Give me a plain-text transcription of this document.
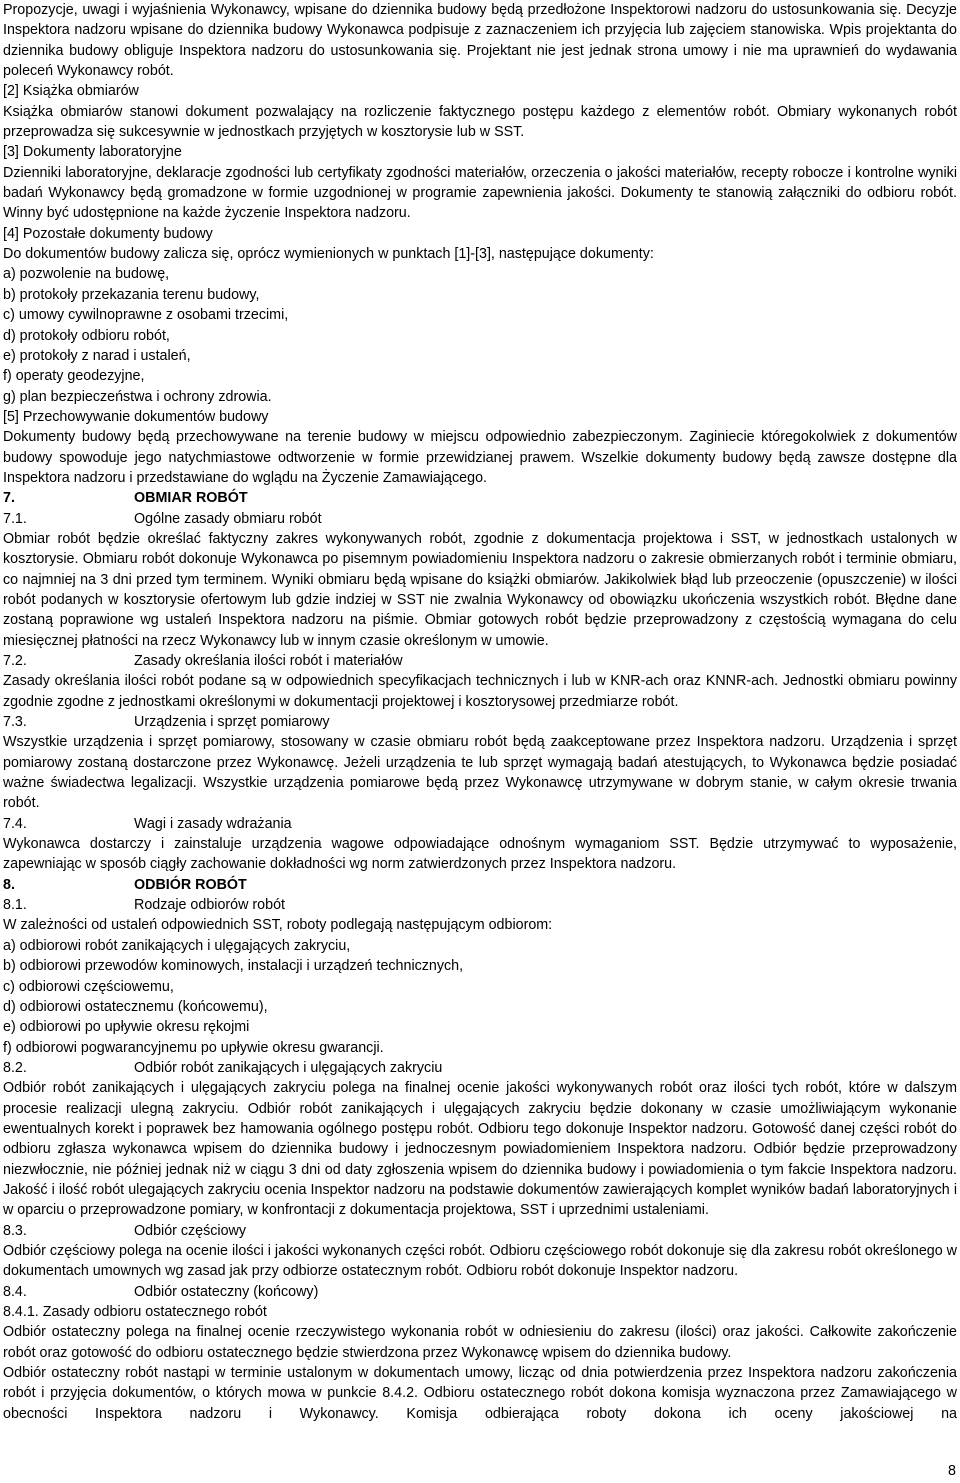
Propozycje, uwagi i wyjaśnienia Wykonawcy, wpisane do dziennika budowy będą przedłożone Inspektorowi nadzoru do ustosunkowania się. Decyzje Inspektora nadzoru wpisane do dziennika budowy Wykonawca podpisuje z zaznaczeniem ich przyjęcia lub zajęciem stanowiska. Wpis projektanta do dziennika budowy obliguje Inspektora nadzoru do ustosunkowania się. Projektant nie jest jednak strona umowy i nie ma uprawnień do wydawania poleceń Wykonawcy robót.

[2] Książka obmiarów

Książka obmiarów stanowi dokument pozwalający na rozliczenie faktycznego postępu każdego z elementów robót. Obmiary wykonanych robót przeprowadza się sukcesywnie w jednostkach przyjętych w kosztorysie lub w SST.

[3] Dokumenty laboratoryjne

Dzienniki laboratoryjne, deklaracje zgodności lub certyfikaty zgodności materiałów, orzeczenia o jakości materiałów, recepty robocze i kontrolne wyniki badań Wykonawcy będą gromadzone w formie uzgodnionej w programie zapewnienia jakości. Dokumenty te stanowią załączniki do odbioru robót. Winny być udostępnione na każde życzenie Inspektora nadzoru.

[4] Pozostałe dokumenty budowy

Do dokumentów budowy zalicza się, oprócz wymienionych w punktach [1]-[3], następujące dokumenty:

a) pozwolenie na budowę,

b) protokoły przekazania terenu budowy,

c) umowy cywilnoprawne z osobami trzecimi,

d) protokoły odbioru robót,

e) protokoły z narad i ustaleń,

f) operaty geodezyjne,

g) plan bezpieczeństwa i ochrony zdrowia.

[5] Przechowywanie dokumentów budowy

Dokumenty budowy będą przechowywane na terenie budowy w miejscu odpowiednio zabezpieczonym. Zaginiecie któregokolwiek z dokumentów budowy spowoduje jego natychmiastowe odtworzenie w formie przewidzianej prawem. Wszelkie dokumenty budowy będą zawsze dostępne dla Inspektora nadzoru i przedstawiane do wglądu na Życzenie Zamawiającego.

7.	OBMIAR ROBÓT

7.1.	Ogólne zasady obmiaru robót

Obmiar robót będzie określać faktyczny zakres wykonywanych robót, zgodnie z dokumentacja projektowa i SST, w jednostkach ustalonych w kosztorysie. Obmiaru robót dokonuje Wykonawca po pisemnym powiadomieniu Inspektora nadzoru o zakresie obmierzanych robót i terminie obmiaru, co najmniej na 3 dni przed tym terminem. Wyniki obmiaru będą wpisane do książki obmiarów. Jakikolwiek błąd lub przeoczenie (opuszczenie) w ilości robót podanych w kosztorysie ofertowym lub gdzie indziej w SST nie zwalnia Wykonawcy od obowiązku ukończenia wszystkich robót. Błędne dane zostaną poprawione wg ustaleń Inspektora nadzoru na piśmie. Obmiar gotowych robót będzie przeprowadzony z częstością wymagana do celu miesięcznej płatności na rzecz Wykonawcy lub w innym czasie określonym w umowie.

7.2.	Zasady określania ilości robót i materiałów

Zasady określania ilości robót podane są w odpowiednich specyfikacjach technicznych i lub w KNR-ach oraz KNNR-ach. Jednostki obmiaru powinny zgodnie zgodne z jednostkami określonymi w dokumentacji projektowej i kosztorysowej przedmiarze robót.

7.3.	Urządzenia i sprzęt pomiarowy

Wszystkie urządzenia i sprzęt pomiarowy, stosowany w czasie obmiaru robót będą zaakceptowane przez Inspektora nadzoru. Urządzenia i sprzęt pomiarowy zostaną dostarczone przez Wykonawcę. Jeżeli urządzenia te lub sprzęt wymagają badań atestujących, to Wykonawca będzie posiadać ważne świadectwa legalizacji. Wszystkie urządzenia pomiarowe będą przez Wykonawcę utrzymywane w dobrym stanie, w całym okresie trwania robót.

7.4.	Wagi i zasady wdrażania

Wykonawca dostarczy i zainstaluje urządzenia wagowe odpowiadające odnośnym wymaganiom SST. Będzie utrzymywać to wyposażenie, zapewniając w sposób ciągły zachowanie dokładności wg norm zatwierdzonych przez Inspektora nadzoru.

8.	ODBIÓR ROBÓT

8.1.	Rodzaje odbiorów robót

W zależności od ustaleń odpowiednich SST, roboty podlegają następującym odbiorom:

a) odbiorowi robót zanikających i ulęgających zakryciu,

b) odbiorowi przewodów kominowych, instalacji i urządzeń technicznych,

c) odbiorowi częściowemu,

d) odbiorowi ostatecznemu (końcowemu),

e) odbiorowi po upływie okresu rękojmi

f) odbiorowi pogwarancyjnemu po upływie okresu gwarancji.

8.2.	Odbiór robót zanikających i ulęgających zakryciu

Odbiór robót zanikających i ulęgających zakryciu polega na finalnej ocenie jakości wykonywanych robót oraz ilości tych robót, które w dalszym procesie realizacji ulegną zakryciu. Odbiór robót zanikających i ulęgających zakryciu będzie dokonany w czasie umożliwiającym wykonanie ewentualnych korekt i poprawek bez hamowania ogólnego postępu robót. Odbioru tego dokonuje Inspektor nadzoru. Gotowość danej części robót do odbioru zgłasza wykonawca wpisem do dziennika budowy i jednoczesnym powiadomieniem Inspektora nadzoru. Odbiór będzie przeprowadzony niezwłocznie, nie później jednak niż w ciągu 3 dni od daty zgłoszenia wpisem do dziennika budowy i powiadomienia o tym fakcie Inspektora nadzoru. Jakość i ilość robót ulegających zakryciu ocenia Inspektor nadzoru na podstawie dokumentów zawierających komplet wyników badań laboratoryjnych i w oparciu o przeprowadzone pomiary, w konfrontacji z dokumentacja projektowa, SST i uprzednimi ustaleniami.

8.3.	Odbiór częściowy

Odbiór częściowy polega na ocenie ilości i jakości wykonanych części robót. Odbioru częściowego robót dokonuje się dla zakresu robót określonego w dokumentach umownych wg zasad jak przy odbiorze ostatecznym robót. Odbioru robót dokonuje Inspektor nadzoru.

8.4.	Odbiór ostateczny (końcowy)

8.4.1. Zasady odbioru ostatecznego robót

Odbiór ostateczny polega na finalnej ocenie rzeczywistego wykonania robót w odniesieniu do zakresu (ilości) oraz jakości. Całkowite zakończenie robót oraz gotowość do odbioru ostatecznego będzie stwierdzona przez Wykonawcę wpisem do dziennika budowy.

Odbiór ostateczny robót nastąpi w terminie ustalonym w dokumentach umowy, licząc od dnia potwierdzenia przez Inspektora nadzoru zakończenia robót i przyjęcia dokumentów, o których mowa w punkcie 8.4.2. Odbioru ostatecznego robót dokona komisja wyznaczona przez Zamawiającego w obecności Inspektora nadzoru i Wykonawcy. Komisja odbierająca roboty dokona ich oceny jakościowej na

8
